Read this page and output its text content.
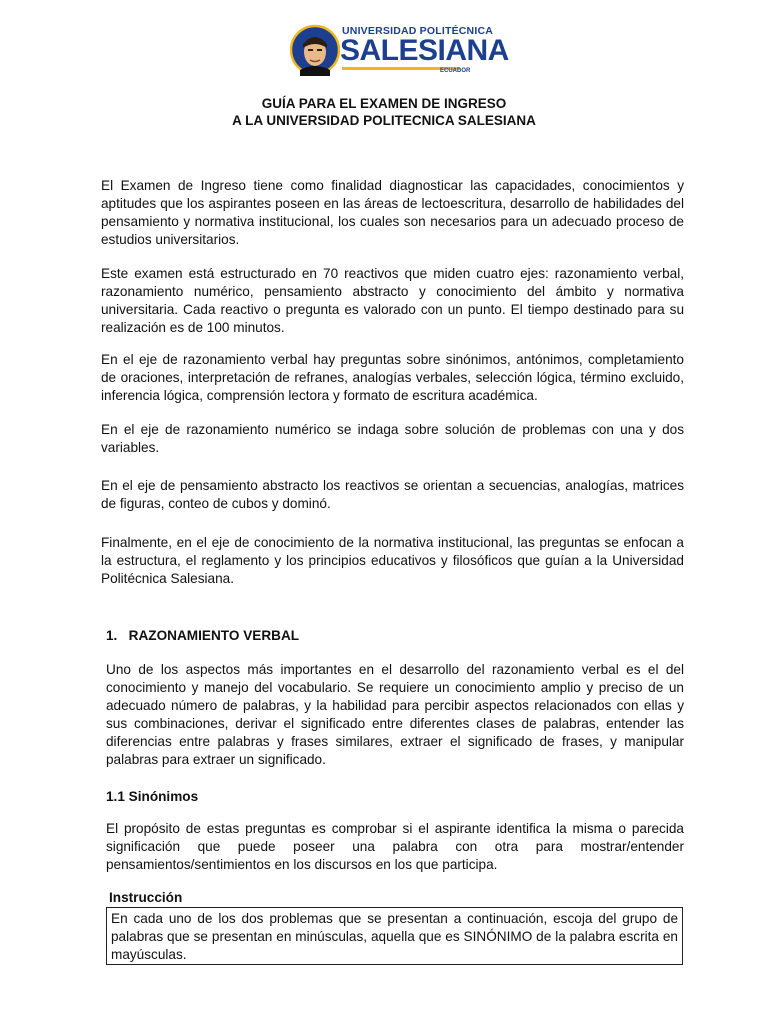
UNIVERSIDAD POLITÉCNICA
SALESIANA
ECUADOR
GUÍA PARA EL EXAMEN DE INGRESO
A LA UNIVERSIDAD POLITECNICA SALESIANA

El Examen de Ingreso tiene como finalidad diagnosticar las capacidades, conocimientos y aptitudes que los aspirantes poseen en las áreas de lectoescritura, desarrollo de habilidades del pensamiento y normativa institucional, los cuales son necesarios para un adecuado proceso de estudios universitarios.

Este examen está estructurado en 70 reactivos que miden cuatro ejes: razonamiento verbal, razonamiento numérico, pensamiento abstracto y conocimiento del ámbito y normativa universitaria. Cada reactivo o pregunta es valorado con un punto. El tiempo destinado para su realización es de 100 minutos.

En el eje de razonamiento verbal hay preguntas sobre sinónimos, antónimos, completamiento de oraciones, interpretación de refranes, analogías verbales, selección lógica, término excluido, inferencia lógica, comprensión lectora y formato de escritura académica.

En el eje de razonamiento numérico se indaga sobre solución de problemas con una y dos variables.

En el eje de pensamiento abstracto los reactivos se orientan a secuencias, analogías, matrices de figuras, conteo de cubos y dominó.

Finalmente, en el eje de conocimiento de la normativa institucional, las preguntas se enfocan a la estructura, el reglamento y los principios educativos y filosóficos que guían a la Universidad Politécnica Salesiana.

1.   RAZONAMIENTO VERBAL

Uno de los aspectos más importantes en el desarrollo del razonamiento verbal es el del conocimiento y manejo del vocabulario. Se requiere un conocimiento amplio y preciso de un adecuado número de palabras, y la habilidad para percibir aspectos relacionados con ellas y sus combinaciones, derivar el significado entre diferentes clases de palabras, entender las diferencias entre palabras y frases similares, extraer el significado de frases, y manipular palabras para extraer un significado.

1.1 Sinónimos

El propósito de estas preguntas es comprobar si el aspirante identifica la misma o parecida significación que puede poseer una palabra con otra para mostrar/entender pensamientos/sentimientos en los discursos en los que participa.

Instrucción

En cada uno de los dos problemas que se presentan a continuación, escoja del grupo de palabras que se presentan en minúsculas, aquella que es SINÓNIMO de la palabra escrita en mayúsculas.
